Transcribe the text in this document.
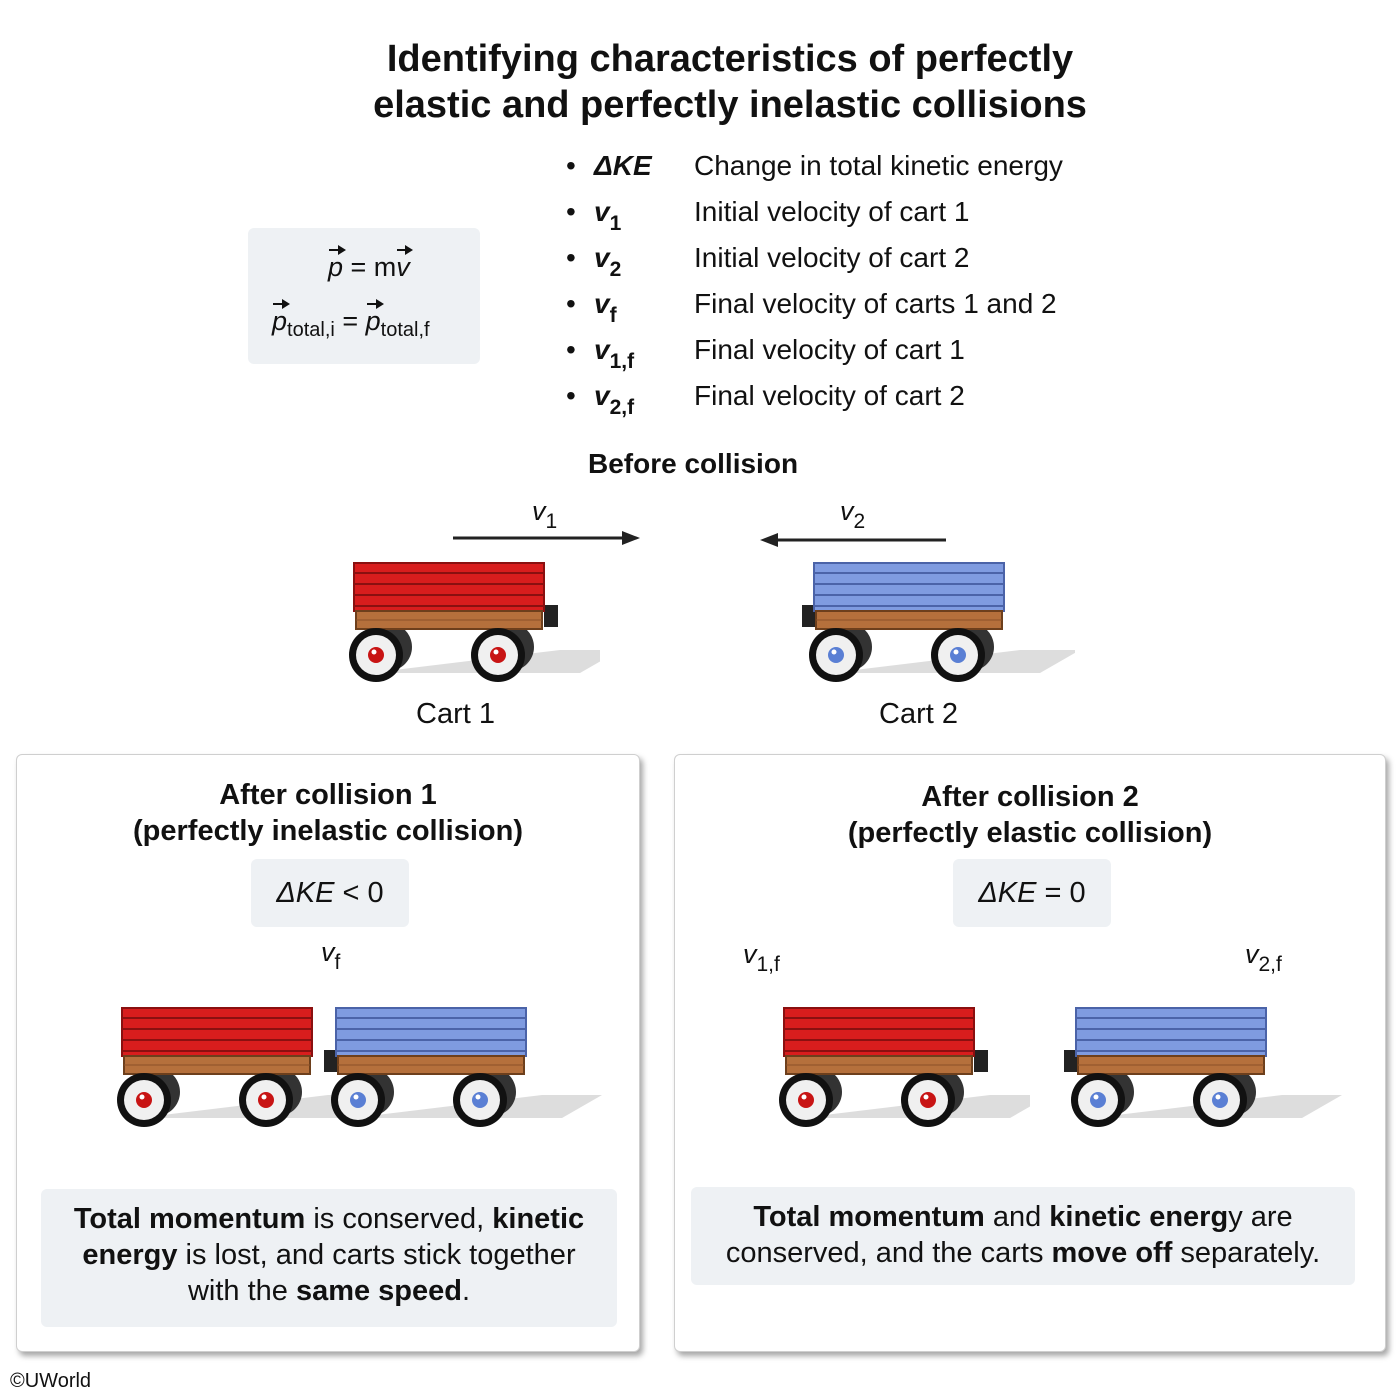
Identifying characteristics of perfectly
elastic and perfectly inelastic collisions
p = mv
$p_{total,i} = p_{total,f}$
• ΔKE Change in total kinetic energy
• $v_1$	Initial velocity of cart 1
• $v_2$	Initial velocity of cart 2
• $v_f$	Final velocity of carts 1 and 2
• $v_{1,f}$ Final velocity of cart 1
• $v_{2,f}$ Final velocity of cart 2
Before collision
$v_1$	$v_2$
Cart 1	Cart 2
After collision 1
(perfectly inelastic collision)
ΔKE < 0
$v_f$
Total momentum is conserved, kinetic
energy is lost, and carts stick together
with the same speed.
After collision 2
(perfectly elastic collision)
ΔKE = 0
$v_{1,f}$	$v_{2,f}$
Total momentum and kinetic energy are
conserved, and the carts move off separately.
©UWorld
